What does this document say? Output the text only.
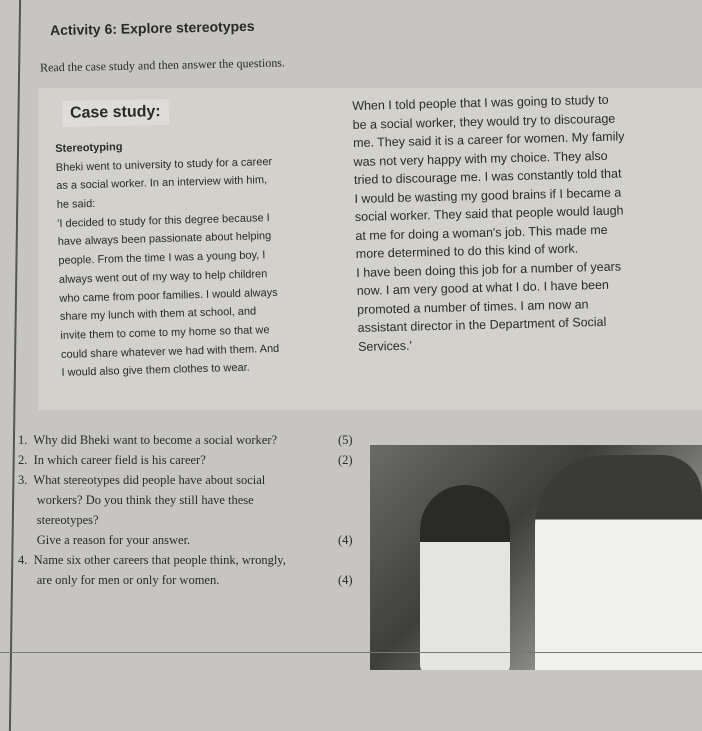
Activity 6: Explore stereotypes
Read the case study and then answer the questions.
Case study:
Stereotyping
Bheki went to university to study for a career
as a social worker. In an interview with him,
he said:
'I decided to study for this degree because I
have always been passionate about helping
people. From the time I was a young boy, I
always went out of my way to help children
who came from poor families. I would always
share my lunch with them at school, and
invite them to come to my home so that we
could share whatever we had with them. And
I would also give them clothes to wear.
When I told people that I was going to study to
be a social worker, they would try to discourage
me. They said it is a career for women. My family
was not very happy with my choice. They also
tried to discourage me. I was constantly told that
I would be wasting my good brains if I became a
social worker. They said that people would laugh
at me for doing a woman's job. This made me
more determined to do this kind of work.
I have been doing this job for a number of years
now. I am very good at what I do. I have been
promoted a number of times. I am now an
assistant director in the Department of Social
Services.'
1.  Why did Bheki want to become a social worker?	(5)
2.  In which career field is his career?	(2)
3.  What stereotypes did people have about social
workers? Do you think they still have these
stereotypes?
Give a reason for your answer.	(4)
4.  Name six other careers that people think, wrongly,
are only for men or only for women.	(4)
